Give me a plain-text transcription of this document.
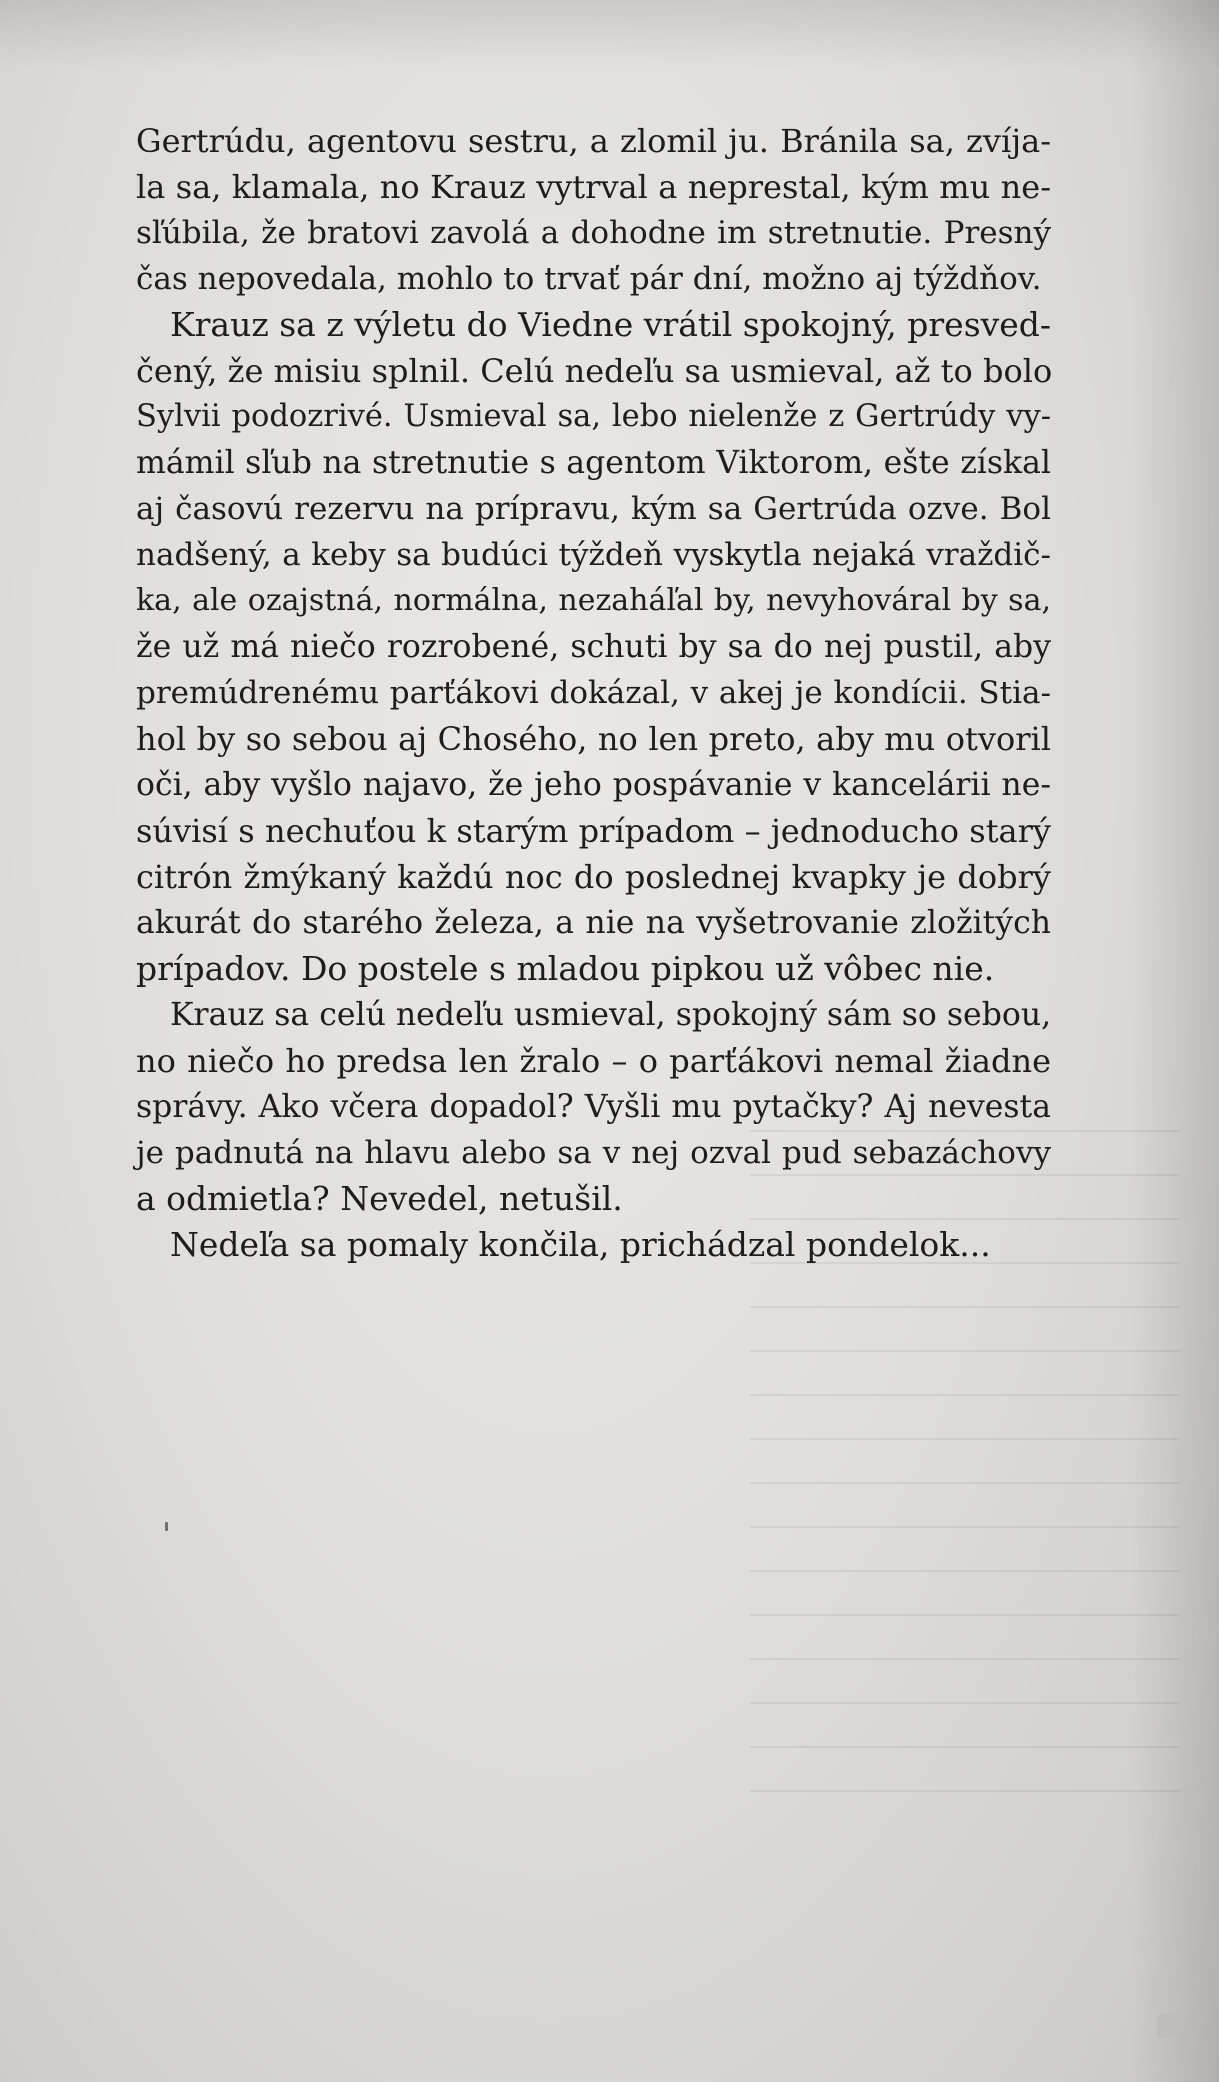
Gertrúdu, agentovu sestru, a zlomil ju. Bránila sa, zvíja-
la sa, klamala, no Krauz vytrval a neprestal, kým mu ne-
sľúbila, že bratovi zavolá a dohodne im stretnutie. Presný
čas nepovedala, mohlo to trvať pár dní, možno aj týždňov.
Krauz sa z výletu do Viedne vrátil spokojný, presved-
čený, že misiu splnil. Celú nedeľu sa usmieval, až to bolo
Sylvii podozrivé. Usmieval sa, lebo nielenže z Gertrúdy vy-
mámil sľub na stretnutie s agentom Viktorom, ešte získal
aj časovú rezervu na prípravu, kým sa Gertrúda ozve. Bol
nadšený, a keby sa budúci týždeň vyskytla nejaká vraždič-
ka, ale ozajstná, normálna, nezaháľal by, nevyhováral by sa,
že už má niečo rozrobené, schuti by sa do nej pustil, aby
premúdrenému parťákovi dokázal, v akej je kondícii. Stia-
hol by so sebou aj Chosého, no len preto, aby mu otvoril
oči, aby vyšlo najavo, že jeho pospávanie v kancelárii ne-
súvisí s nechuťou k starým prípadom – jednoducho starý
citrón žmýkaný každú noc do poslednej kvapky je dobrý
akurát do starého železa, a nie na vyšetrovanie zložitých
prípadov. Do postele s mladou pipkou už vôbec nie.
Krauz sa celú nedeľu usmieval, spokojný sám so sebou,
no niečo ho predsa len žralo – o parťákovi nemal žiadne
správy. Ako včera dopadol? Vyšli mu pytačky? Aj nevesta
je padnutá na hlavu alebo sa v nej ozval pud sebazáchovy
a odmietla? Nevedel, netušil.
Nedeľa sa pomaly končila, prichádzal pondelok...
